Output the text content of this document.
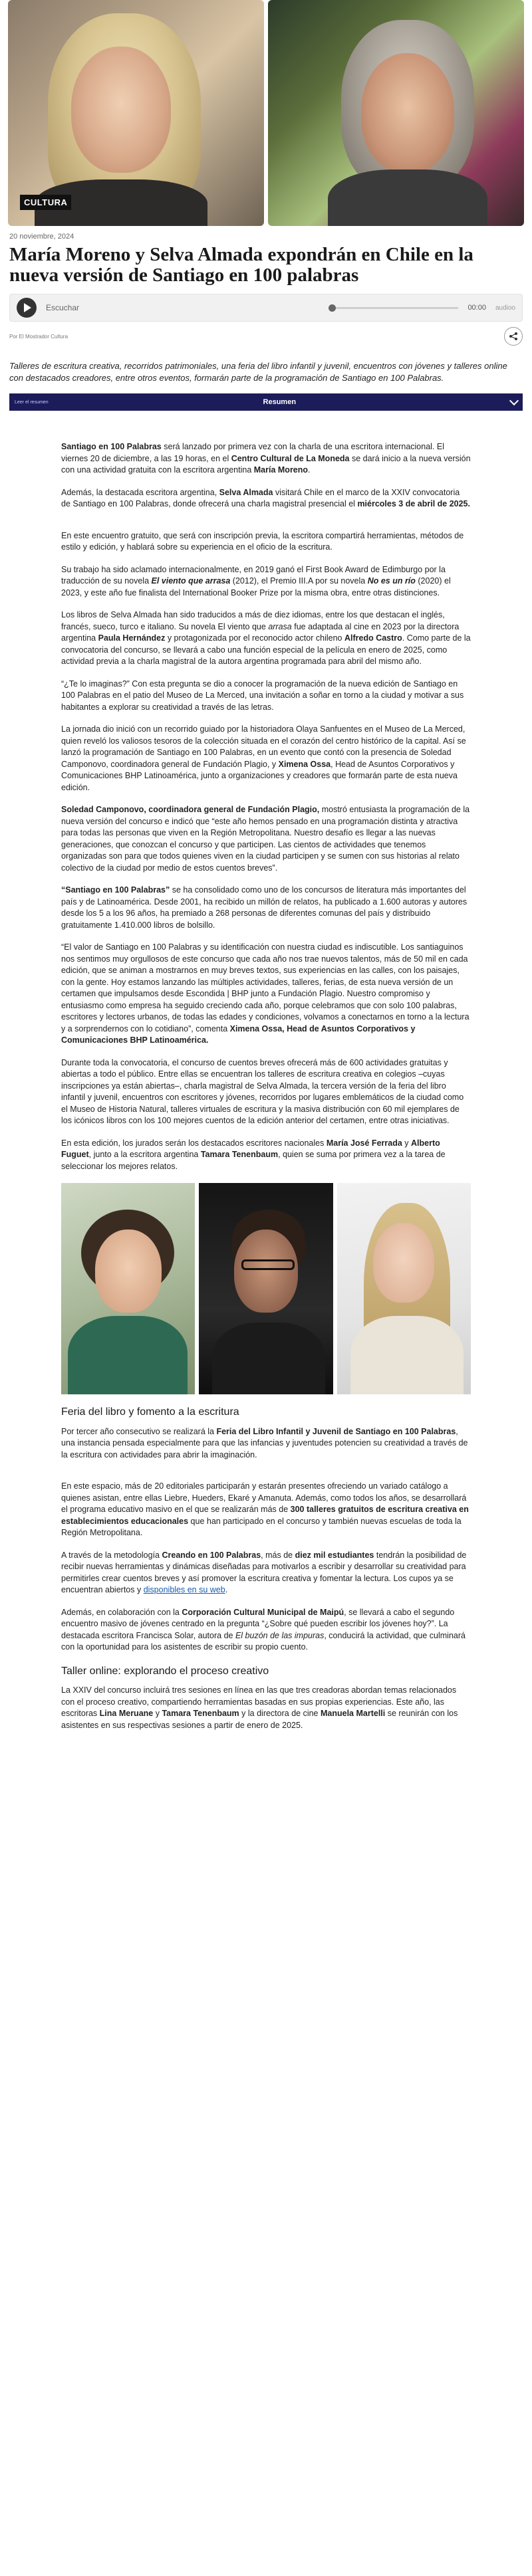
CULTURA
20 noviembre, 2024
María Moreno y Selva Almada expondrán en Chile en la nueva versión de Santiago en 100 palabras
Escuchar	00:00 audioo
Por El Mostrador Cultura

Talleres de escritura creativa, recorridos patrimoniales, una feria del libro infantil y juvenil, encuentros con jóvenes y talleres online con destacados creadores, entre otros eventos, formarán parte de la programación de Santiago en 100 Palabras.

Leer el resumen	Resumen

Santiago en 100 Palabras será lanzado por primera vez con la charla de una escritora internacional. El viernes 20 de diciembre, a las 19 horas, en el Centro Cultural de La Moneda se dará inicio a la nueva versión con una actividad gratuita con la escritora argentina María Moreno.

Además, la destacada escritora argentina, Selva Almada visitará Chile en el marco de la XXIV convocatoria de Santiago en 100 Palabras, donde ofrecerá una charla magistral presencial el miércoles 3 de abril de 2025.

En este encuentro gratuito, que será con inscripción previa, la escritora compartirá herramientas, métodos de estilo y edición, y hablará sobre su experiencia en el oficio de la escritura.

Su trabajo ha sido aclamado internacionalmente, en 2019 ganó el First Book Award de Edimburgo por la traducción de su novela El viento que arrasa (2012), el Premio III.A por su novela No es un río (2020) el 2023, y este año fue finalista del International Booker Prize por la misma obra, entre otras distinciones.

Los libros de Selva Almada han sido traducidos a más de diez idiomas, entre los que destacan el inglés, francés, sueco, turco e italiano. Su novela El viento que arrasa fue adaptada al cine en 2023 por la directora argentina Paula Hernández y protagonizada por el reconocido actor chileno Alfredo Castro. Como parte de la convocatoria del concurso, se llevará a cabo una función especial de la película en enero de 2025, como actividad previa a la charla magistral de la autora argentina programada para abril del mismo año.

“¿Te lo imaginas?” Con esta pregunta se dio a conocer la programación de la nueva edición de Santiago en 100 Palabras en el patio del Museo de La Merced, una invitación a soñar en torno a la ciudad y motivar a sus habitantes a explorar su creatividad a través de las letras.

La jornada dio inició con un recorrido guiado por la historiadora Olaya Sanfuentes en el Museo de La Merced, quien reveló los valiosos tesoros de la colección situada en el corazón del centro histórico de la capital. Así se lanzó la programación de Santiago en 100 Palabras, en un evento que contó con la presencia de Soledad Camponovo, coordinadora general de Fundación Plagio, y Ximena Ossa, Head de Asuntos Corporativos y Comunicaciones BHP Latinoamérica, junto a organizaciones y creadores que formarán parte de esta nueva edición.

Soledad Camponovo, coordinadora general de Fundación Plagio, mostró entusiasta la programación de la nueva versión del concurso e indicó que “este año hemos pensado en una programación distinta y atractiva para todas las personas que viven en la Región Metropolitana. Nuestro desafío es llegar a las nuevas generaciones, que conozcan el concurso y que participen. Las cientos de actividades que tenemos organizadas son para que todos quienes viven en la ciudad participen y se sumen con sus historias al relato colectivo de la ciudad por medio de estos cuentos breves”.

“Santiago en 100 Palabras” se ha consolidado como uno de los concursos de literatura más importantes del país y de Latinoamérica. Desde 2001, ha recibido un millón de relatos, ha publicado a 1.600 autoras y autores desde los 5 a los 96 años, ha premiado a 268 personas de diferentes comunas del país y distribuido gratuitamente 1.410.000 libros de bolsillo.

“El valor de Santiago en 100 Palabras y su identificación con nuestra ciudad es indiscutible. Los santiaguinos nos sentimos muy orgullosos de este concurso que cada año nos trae nuevos talentos, más de 50 mil en cada edición, que se animan a mostrarnos en muy breves textos, sus experiencias en las calles, con los paisajes, con la gente. Hoy estamos lanzando las múltiples actividades, talleres, ferias, de esta nueva versión de un certamen que impulsamos desde Escondida | BHP junto a Fundación Plagio. Nuestro compromiso y entusiasmo como empresa ha seguido creciendo cada año, porque celebramos que con solo 100 palabras, escritores y lectores urbanos, de todas las edades y condiciones, volvamos a conectarnos en torno a la lectura y a sorprendernos con lo cotidiano”, comenta Ximena Ossa, Head de Asuntos Corporativos y Comunicaciones BHP Latinoamérica.

Durante toda la convocatoria, el concurso de cuentos breves ofrecerá más de 600 actividades gratuitas y abiertas a todo el público. Entre ellas se encuentran los talleres de escritura creativa en colegios –cuyas inscripciones ya están abiertas–, charla magistral de Selva Almada, la tercera versión de la feria del libro infantil y juvenil, encuentros con escritores y jóvenes, recorridos por lugares emblemáticos de la ciudad como el Museo de Historia Natural, talleres virtuales de escritura y la masiva distribución con 60 mil ejemplares de los icónicos libros con los 100 mejores cuentos de la edición anterior del certamen, entre otras iniciativas.

En esta edición, los jurados serán los destacados escritores nacionales María José Ferrada y Alberto Fuguet, junto a la escritora argentina Tamara Tenenbaum, quien se suma por primera vez a la tarea de seleccionar los mejores relatos.

Feria del libro y fomento a la escritura

Por tercer año consecutivo se realizará la Feria del Libro Infantil y Juvenil de Santiago en 100 Palabras, una instancia pensada especialmente para que las infancias y juventudes potencien su creatividad a través de la escritura con actividades para abrir la imaginación.

En este espacio, más de 20 editoriales participarán y estarán presentes ofreciendo un variado catálogo a quienes asistan, entre ellas Liebre, Hueders, Ekaré y Amanuta. Además, como todos los años, se desarrollará el programa educativo masivo en el que se realizarán más de 300 talleres gratuitos de escritura creativa en establecimientos educacionales que han participado en el concurso y también nuevas escuelas de toda la Región Metropolitana.

A través de la metodología Creando en 100 Palabras, más de diez mil estudiantes tendrán la posibilidad de recibir nuevas herramientas y dinámicas diseñadas para motivarlos a escribir y desarrollar su creatividad para permitirles crear cuentos breves y así promover la escritura creativa y fomentar la lectura. Los cupos ya se encuentran abiertos y disponibles en su web.

Además, en colaboración con la Corporación Cultural Municipal de Maipú, se llevará a cabo el segundo encuentro masivo de jóvenes centrado en la pregunta “¿Sobre qué pueden escribir los jóvenes hoy?”. La destacada escritora Francisca Solar, autora de El buzón de las impuras, conducirá la actividad, que culminará con la oportunidad para los asistentes de escribir su propio cuento.

Taller online: explorando el proceso creativo

La XXIV del concurso incluirá tres sesiones en línea en las que tres creadoras abordan temas relacionados con el proceso creativo, compartiendo herramientas basadas en sus propias experiencias. Este año, las escritoras Lina Meruane y Tamara Tenenbaum y la directora de cine Manuela Martelli se reunirán con los asistentes en sus respectivas sesiones a partir de enero de 2025.
